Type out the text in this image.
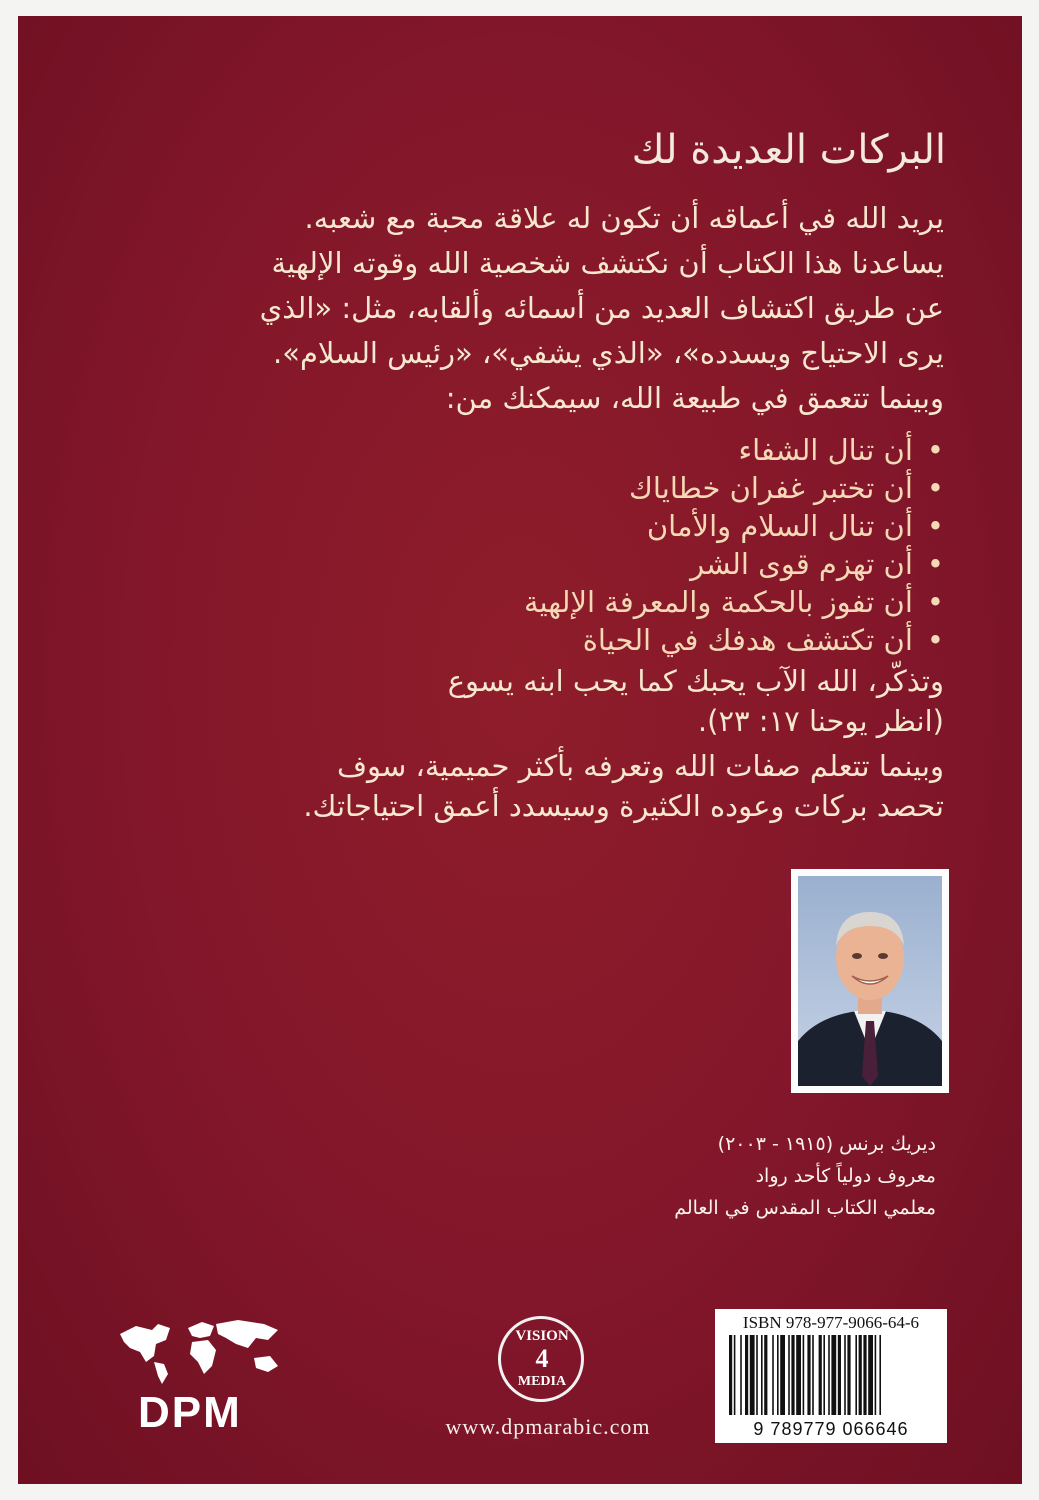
البركات العديدة لك

يريد الله في أعماقه أن تكون له علاقة محبة مع شعبه.

يساعدنا هذا الكتاب أن نكتشف شخصية الله وقوته الإلهية

عن طريق اكتشاف العديد من أسمائه وألقابه، مثل: «الذي

يرى الاحتياج ويسدده»، «الذي يشفي»، «رئيس السلام».

وبينما تتعمق في طبيعة الله، سيمكنك من:

•أن تنال الشفاء
•أن تختبر غفران خطاياك
•أن تنال السلام والأمان
•أن تهزم قوى الشر
•أن تفوز بالحكمة والمعرفة الإلهية
•أن تكتشف هدفك في الحياة

وتذكّر، الله الآب يحبك كما يحب ابنه يسوع

(انظر يوحنا ١٧: ٢٣).

وبينما تتعلم صفات الله وتعرفه بأكثر حميمية، سوف

تحصد بركات وعوده الكثيرة وسيسدد أعمق احتياجاتك.

ديريك برنس (١٩١٥ - ٢٠٠٣)

معروف دولياً كأحد رواد

معلمي الكتاب المقدس في العالم

DPM
VISION
4
MEDIA
www.dpmarabic.com
ISBN 978-977-9066-64-6
9 789779 066646
